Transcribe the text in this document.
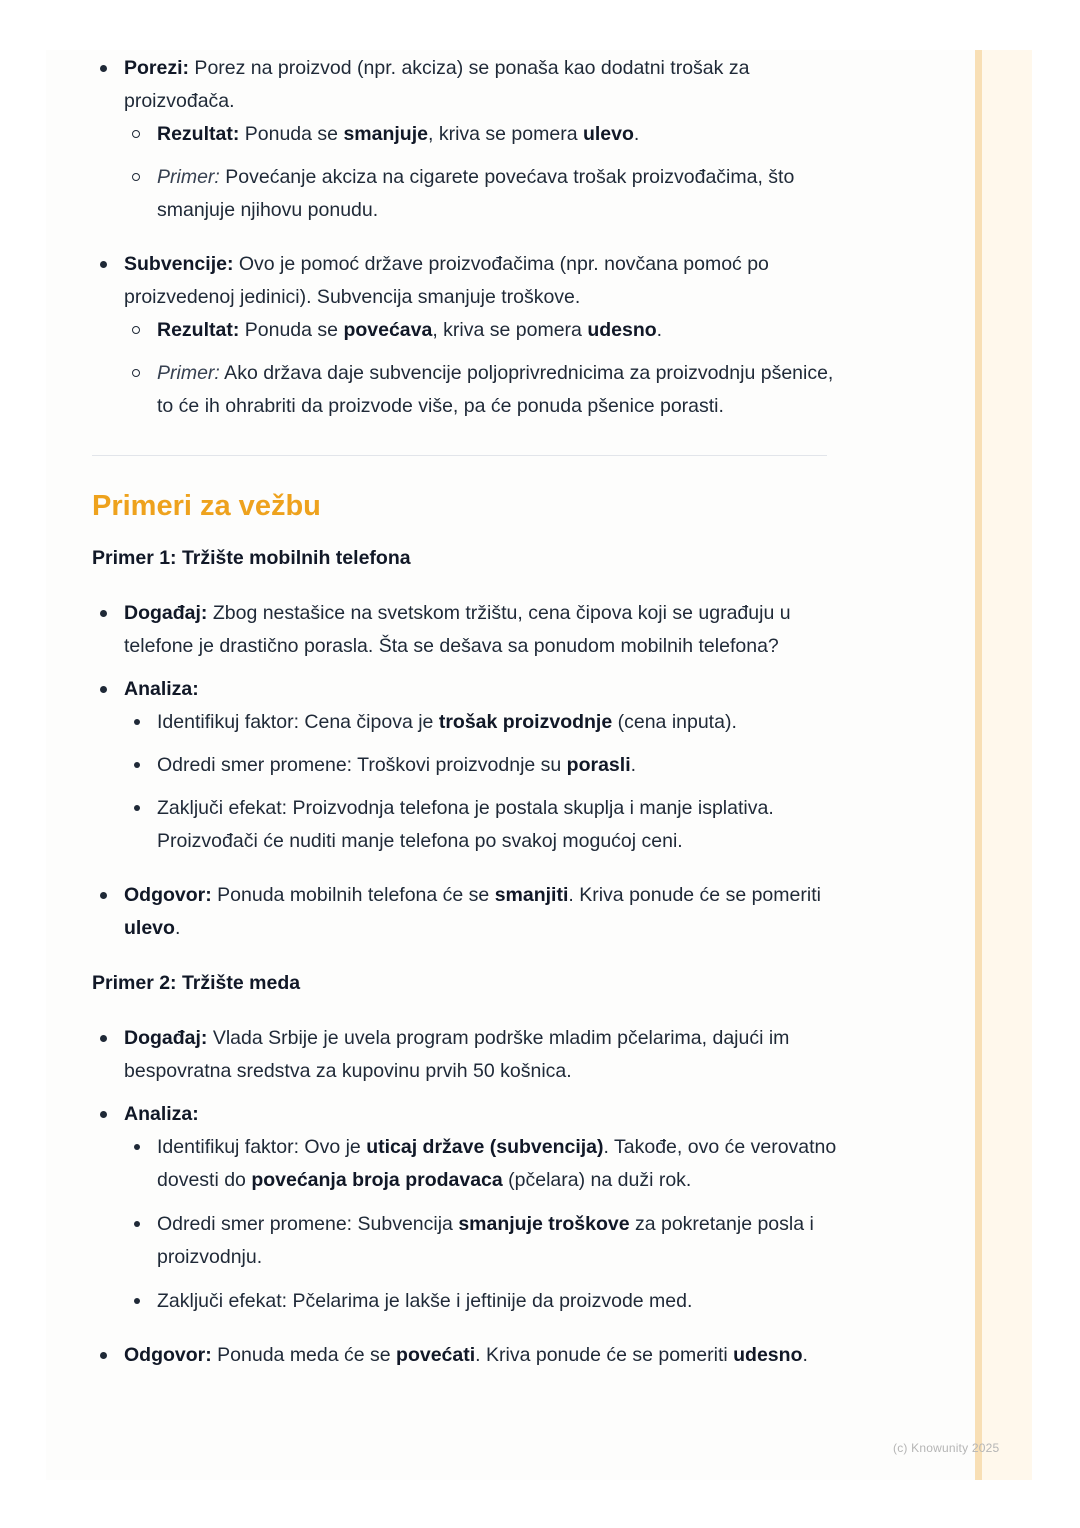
(c) Knowunity 2025
Porezi: Porez na proizvod (npr. akciza) se ponaša kao dodatni trošak za proizvođača.
Rezultat: Ponuda se smanjuje, kriva se pomera ulevo.
Primer: Povećanje akciza na cigarete povećava trošak proizvođačima, što smanjuje njihovu ponudu.
Subvencije: Ovo je pomoć države proizvođačima (npr. novčana pomoć po proizvedenoj jedinici). Subvencija smanjuje troškove.
Rezultat: Ponuda se povećava, kriva se pomera udesno.
Primer: Ako država daje subvencije poljoprivrednicima za proizvodnju pšenice, to će ih ohrabriti da proizvode više, pa će ponuda pšenice porasti.
Primeri za vežbu
Primer 1: Tržište mobilnih telefona
Događaj: Zbog nestašice na svetskom tržištu, cena čipova koji se ugrađuju u telefone je drastično porasla. Šta se dešava sa ponudom mobilnih telefona?
Analiza:
Identifikuj faktor: Cena čipova je trošak proizvodnje (cena inputa).
Odredi smer promene: Troškovi proizvodnje su porasli.
Zaključi efekat: Proizvodnja telefona je postala skuplja i manje isplativa. Proizvođači će nuditi manje telefona po svakoj mogućoj ceni.
Odgovor: Ponuda mobilnih telefona će se smanjiti. Kriva ponude će se pomeriti ulevo.
Primer 2: Tržište meda
Događaj: Vlada Srbije je uvela program podrške mladim pčelarima, dajući im bespovratna sredstva za kupovinu prvih 50 košnica.
Analiza:
Identifikuj faktor: Ovo je uticaj države (subvencija). Takođe, ovo će verovatno dovesti do povećanja broja prodavaca (pčelara) na duži rok.
Odredi smer promene: Subvencija smanjuje troškove za pokretanje posla i proizvodnju.
Zaključi efekat: Pčelarima je lakše i jeftinije da proizvode med.
Odgovor: Ponuda meda će se povećati. Kriva ponude će se pomeriti udesno.
